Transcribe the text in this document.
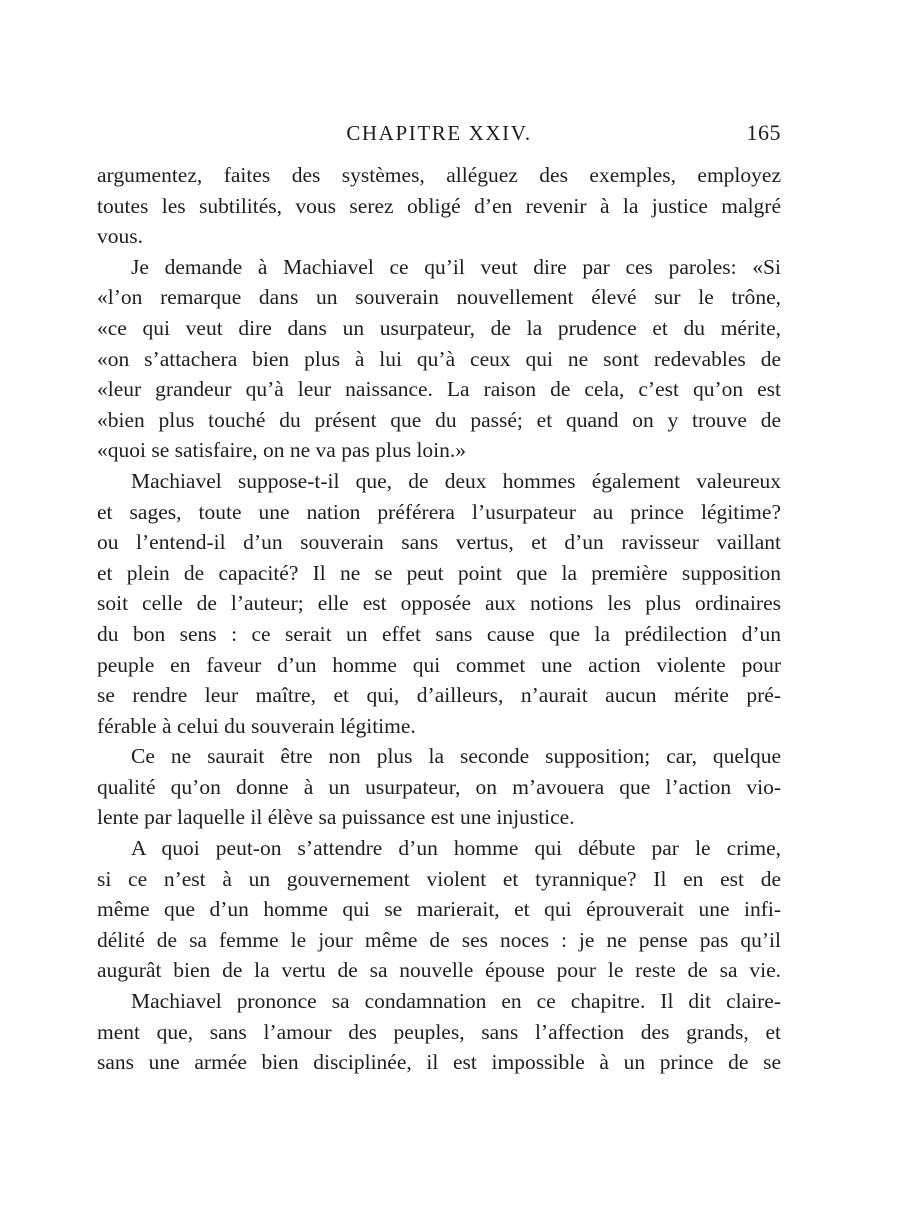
CHAPITRE XXIV.	165
argumentez, faites des systèmes, alléguez des exemples, employez
toutes les subtilités, vous serez obligé d’en revenir à la justice malgré
vous.
Je demande à Machiavel ce qu’il veut dire par ces paroles: «Si
«l’on remarque dans un souverain nouvellement élevé sur le trône,
«ce qui veut dire dans un usurpateur, de la prudence et du mérite,
«on s’attachera bien plus à lui qu’à ceux qui ne sont redevables de
«leur grandeur qu’à leur naissance. La raison de cela, c’est qu’on est
«bien plus touché du présent que du passé; et quand on y trouve de
«quoi se satisfaire, on ne va pas plus loin.»
Machiavel suppose-t-il que, de deux hommes également valeureux
et sages, toute une nation préférera l’usurpateur au prince légitime?
ou l’entend-il d’un souverain sans vertus, et d’un ravisseur vaillant
et plein de capacité? Il ne se peut point que la première supposition
soit celle de l’auteur; elle est opposée aux notions les plus ordinaires
du bon sens : ce serait un effet sans cause que la prédilection d’un
peuple en faveur d’un homme qui commet une action violente pour
se rendre leur maître, et qui, d’ailleurs, n’aurait aucun mérite pré-
férable à celui du souverain légitime.
Ce ne saurait être non plus la seconde supposition; car, quelque
qualité qu’on donne à un usurpateur, on m’avouera que l’action vio-
lente par laquelle il élève sa puissance est une injustice.
A quoi peut-on s’attendre d’un homme qui débute par le crime,
si ce n’est à un gouvernement violent et tyrannique? Il en est de
même que d’un homme qui se marierait, et qui éprouverait une infi-
délité de sa femme le jour même de ses noces : je ne pense pas qu’il
augurât bien de la vertu de sa nouvelle épouse pour le reste de sa vie.
Machiavel prononce sa condamnation en ce chapitre. Il dit claire-
ment que, sans l’amour des peuples, sans l’affection des grands, et
sans une armée bien disciplinée, il est impossible à un prince de se
